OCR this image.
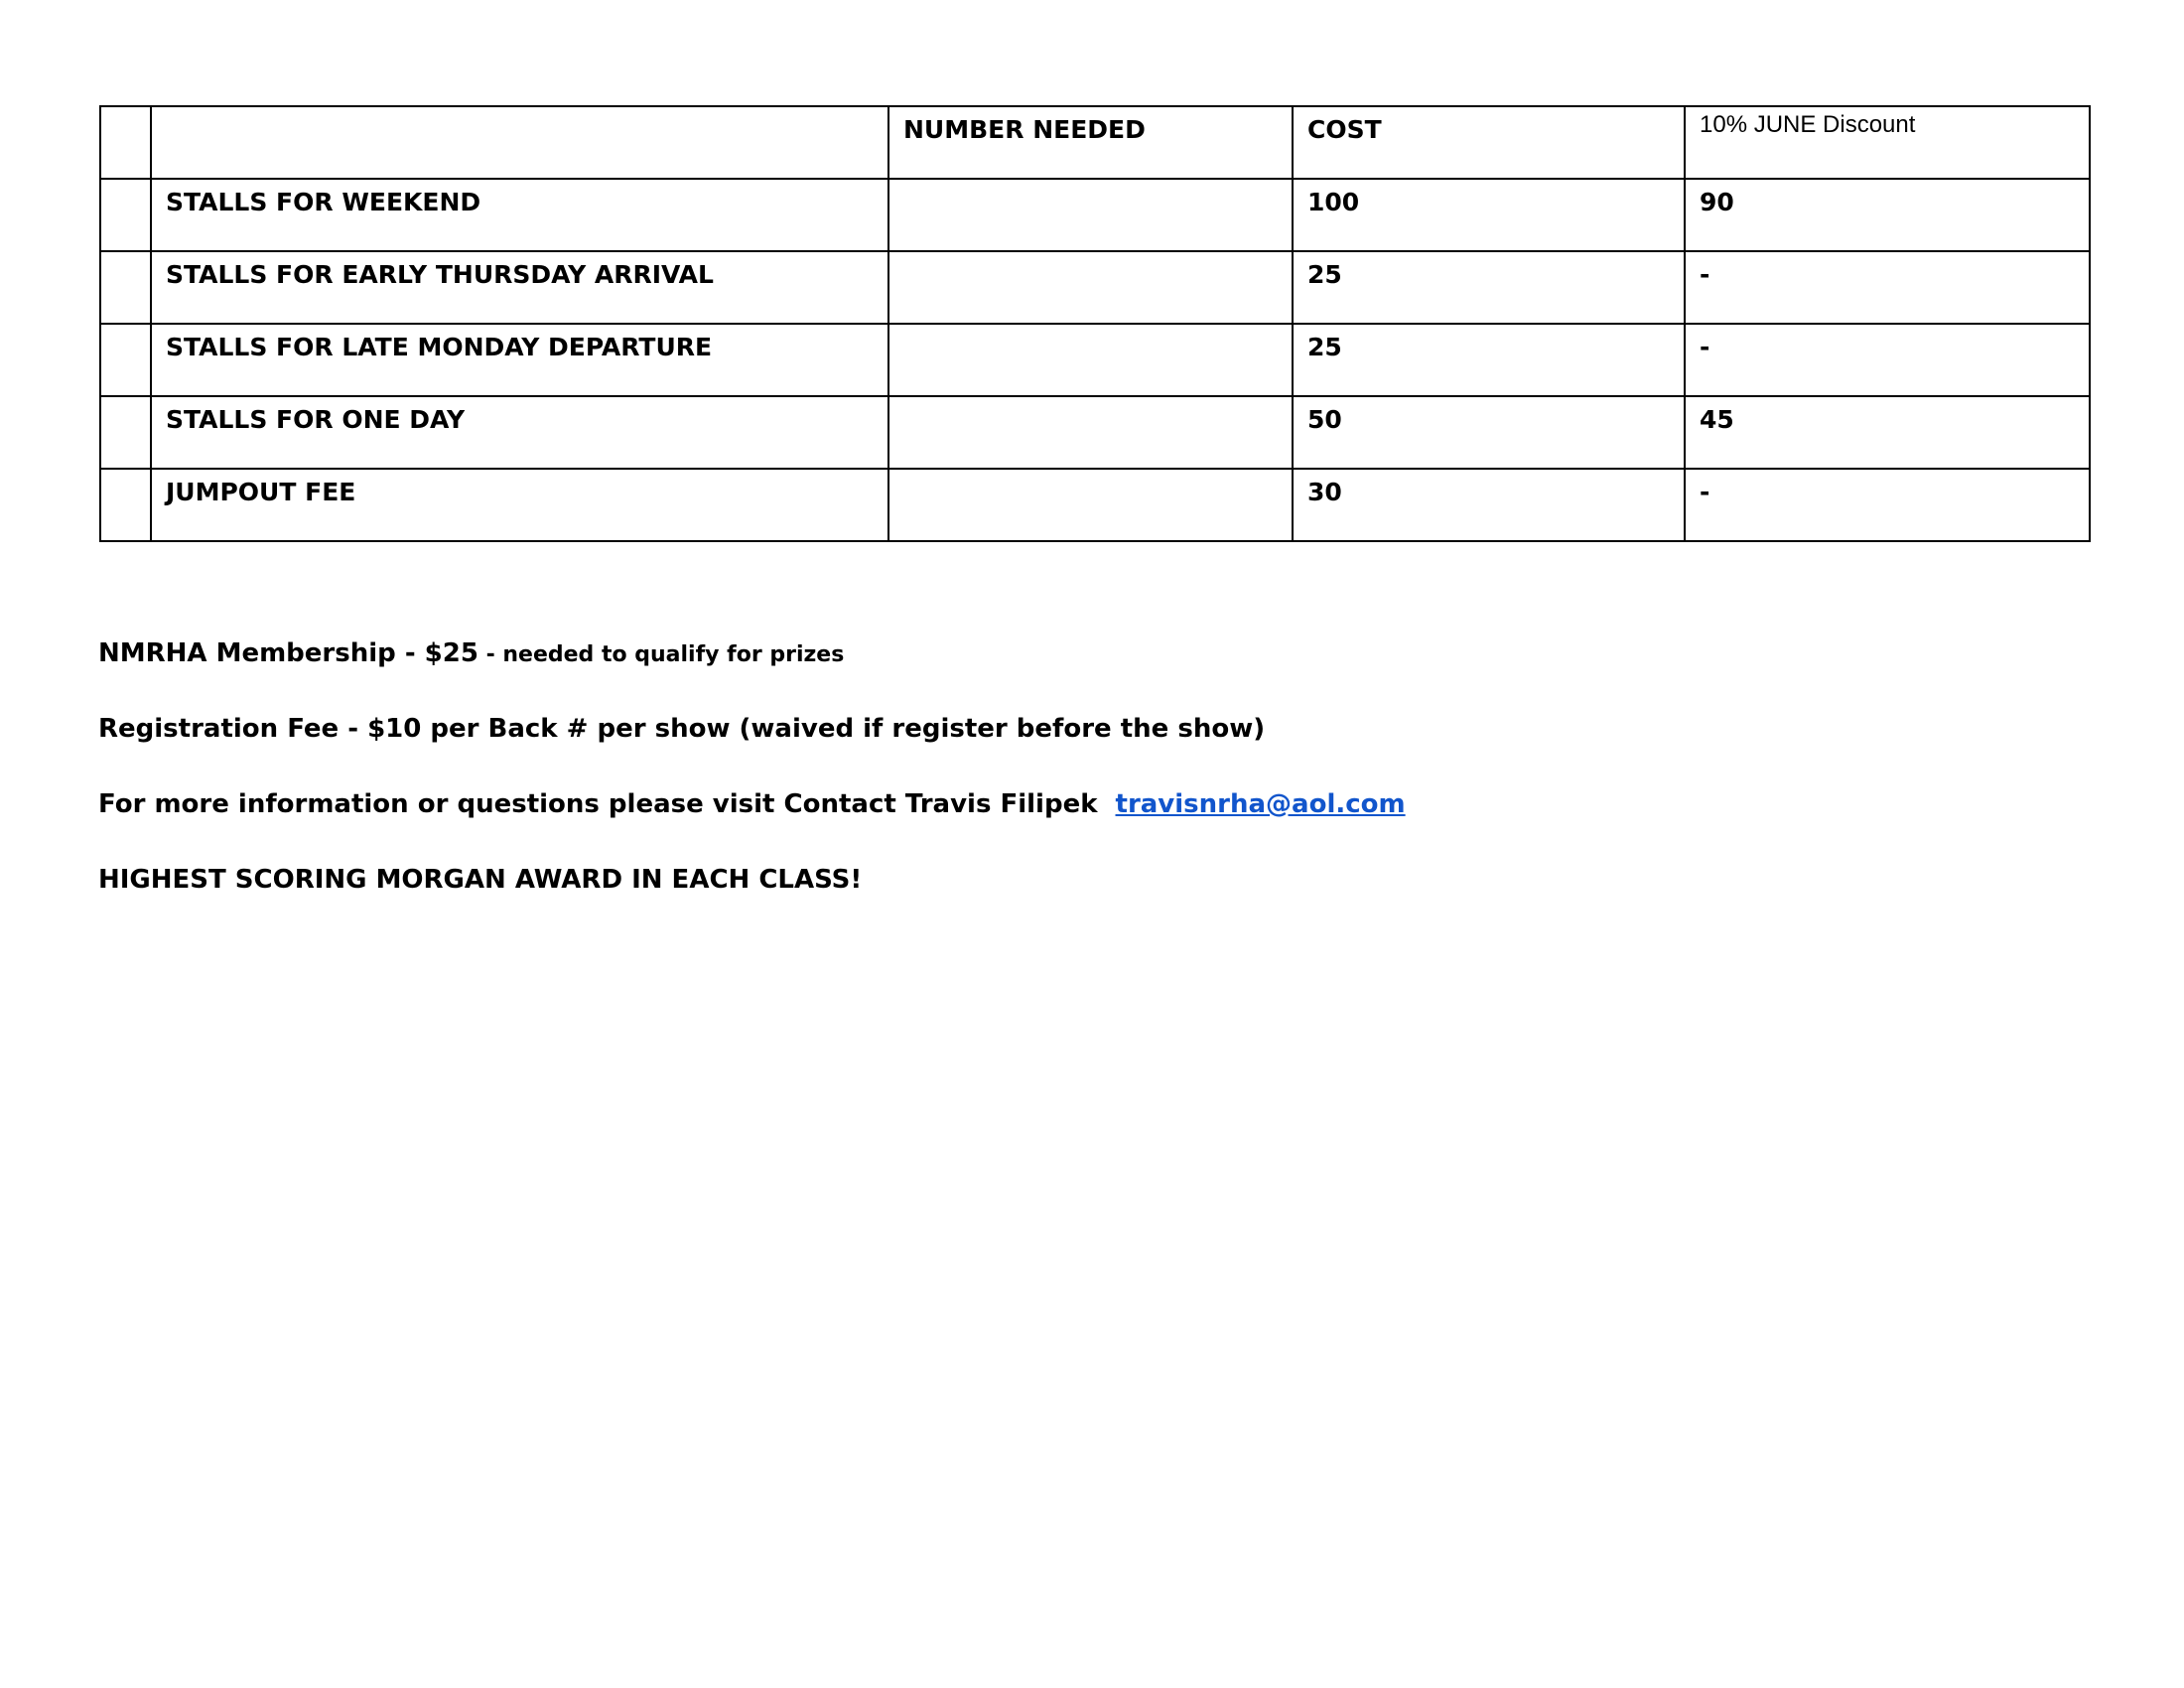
		NUMBER NEEDED	COST	10% JUNE Discount
	STALLS FOR WEEKEND		100	90
	STALLS FOR EARLY THURSDAY ARRIVAL		25	-
	STALLS FOR LATE MONDAY DEPARTURE		25	-
	STALLS FOR ONE DAY		50	45
	JUMPOUT FEE		30	-
NMRHA Membership - $25 - needed to qualify for prizes
Registration Fee - $10 per Back # per show (waived if register before the show)
For more information or questions please visit Contact Travis Filipek travisnrha@aol.com
HIGHEST SCORING MORGAN AWARD IN EACH CLASS!
